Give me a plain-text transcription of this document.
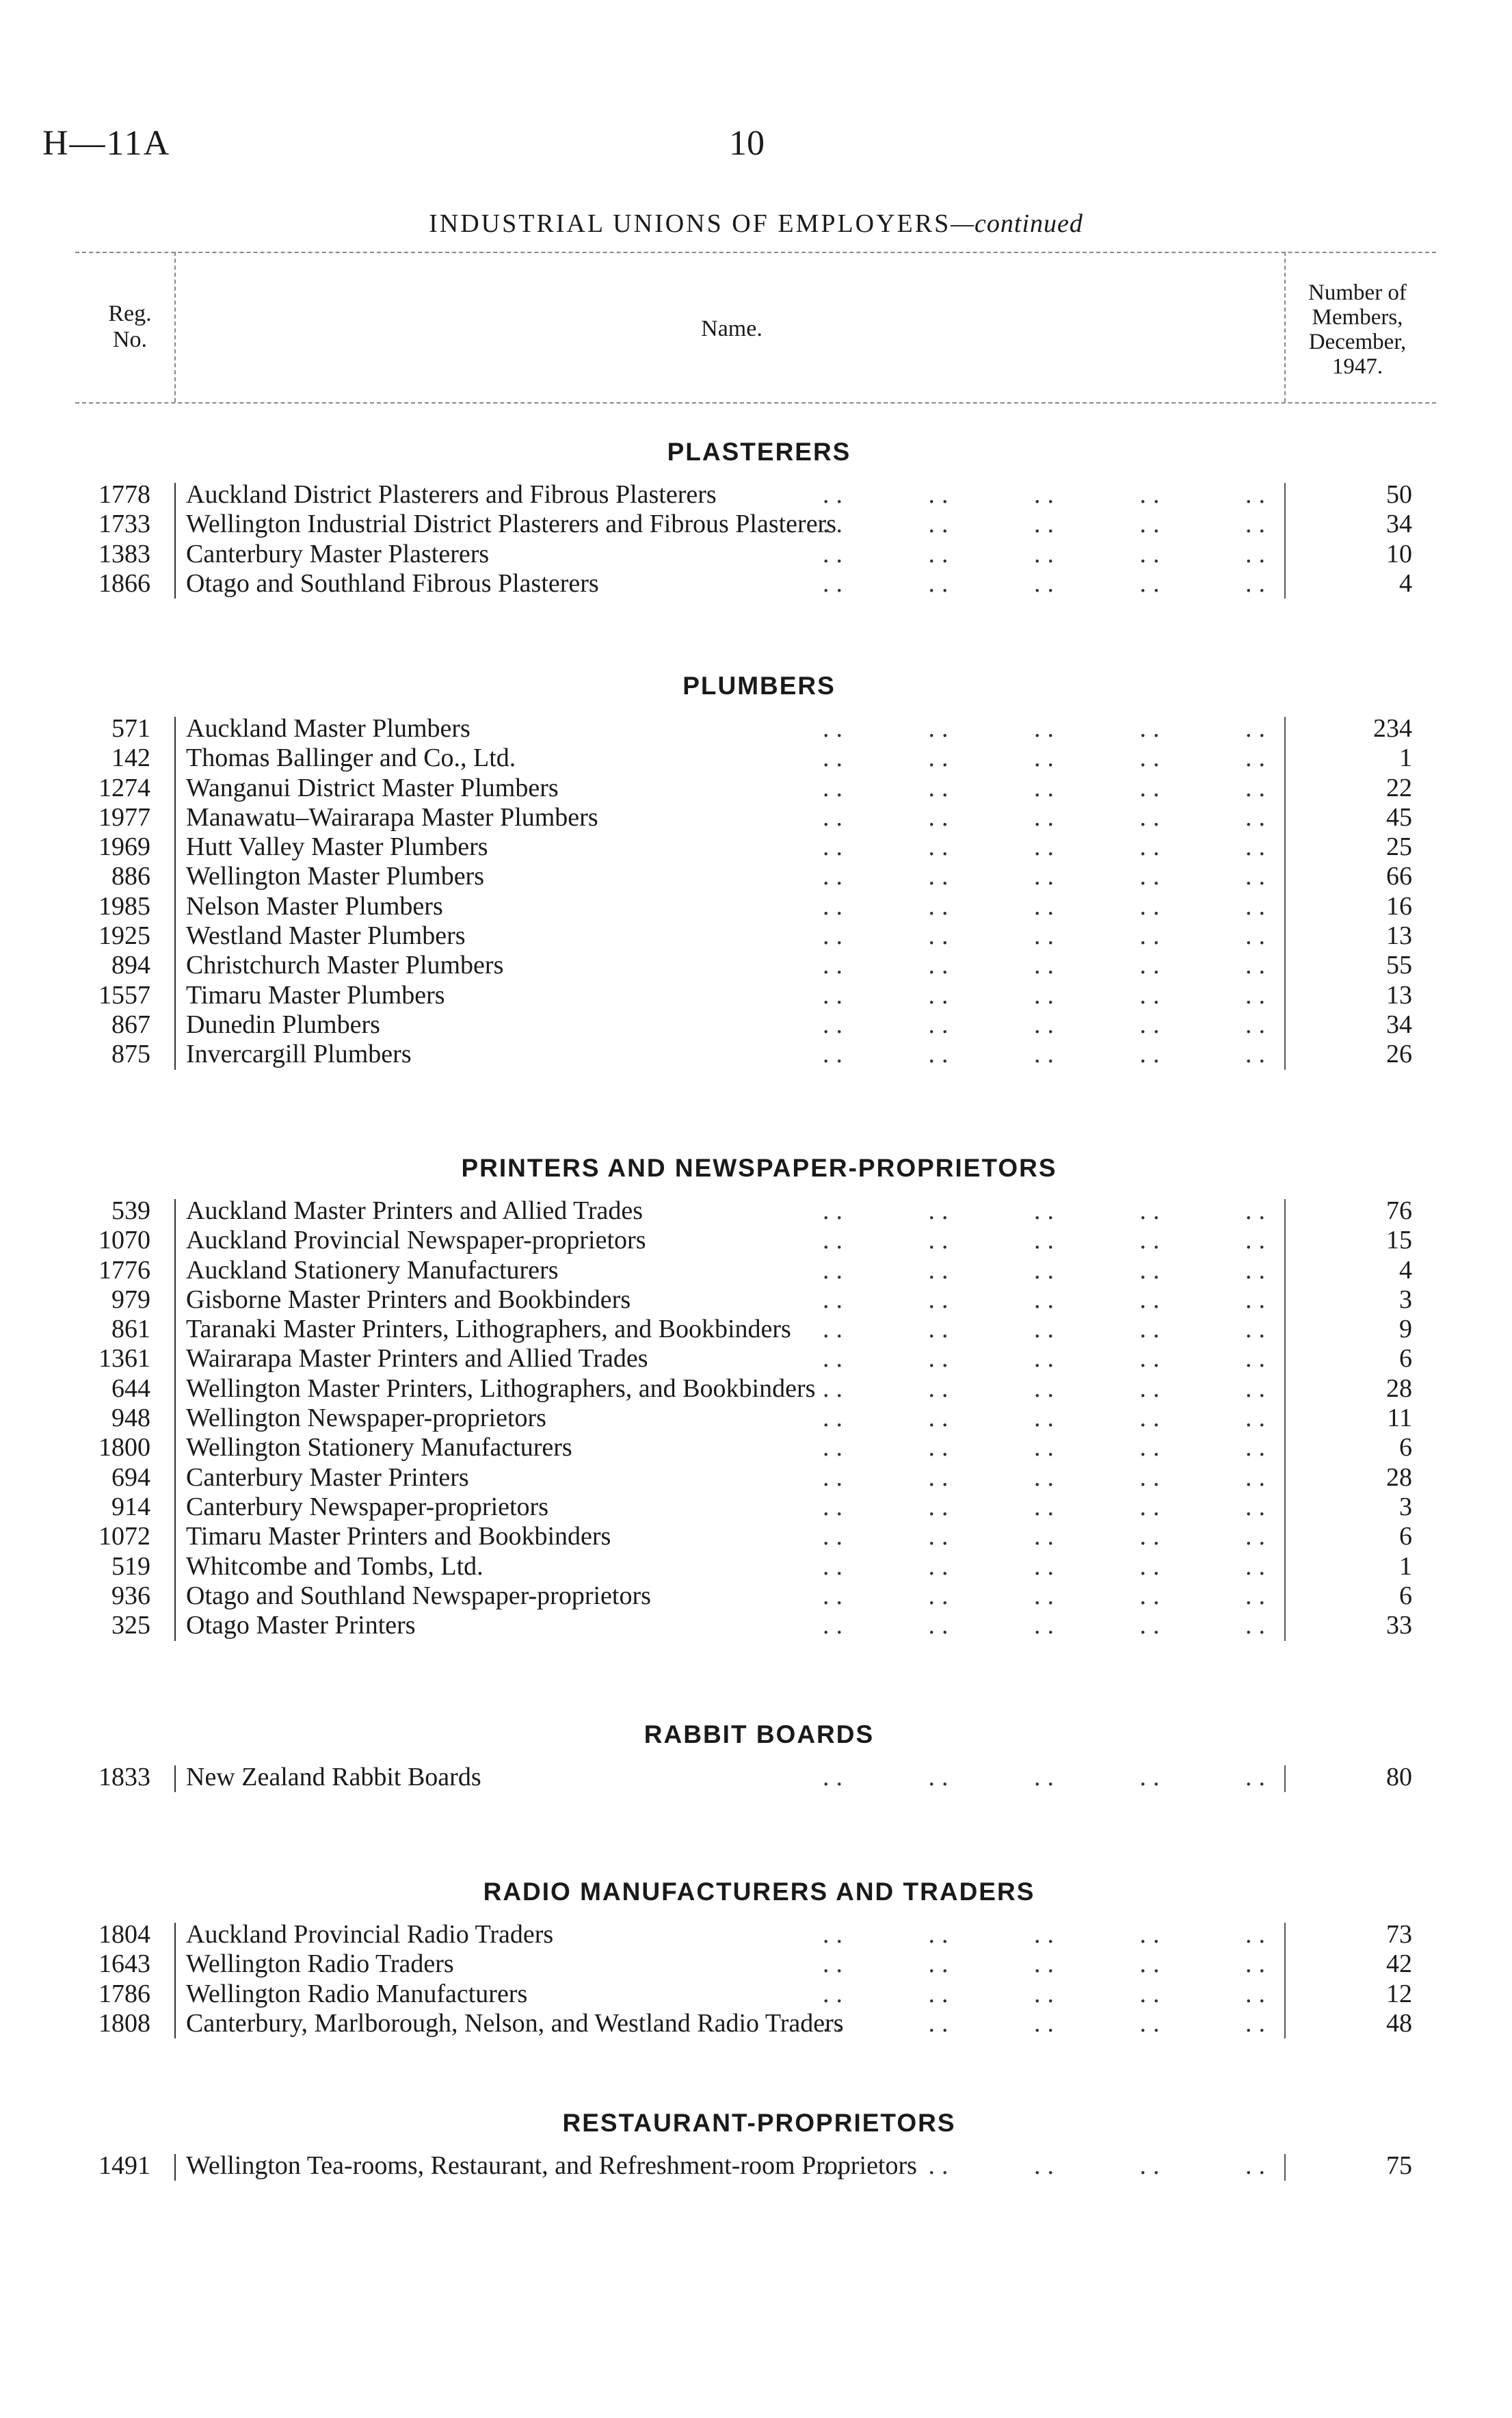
H—11A	10
INDUSTRIAL UNIONS OF EMPLOYERS—continued
Reg. No.	Name.
Number of Members, December, 1947.
PLASTERERS
1778 Auckland District Plasterers and Fibrous Plasterers	50
..   ..   ..   ..   ..
1733 Wellington Industrial District Plasterers and Fibrous Plasterers	34
..   ..   ..   ..   ..
1383 Canterbury Master Plasterers	10
..   ..   ..   ..   ..
1866 Otago and Southland Fibrous Plasterers	4
..   ..   ..   ..   ..
PLUMBERS
571 Auckland Master Plumbers	234
..   ..   ..   ..   ..
142 Thomas Ballinger and Co., Ltd.	1
..   ..   ..   ..   ..
1274 Wanganui District Master Plumbers	22
..   ..   ..   ..   ..
1977 Manawatu–Wairarapa Master Plumbers	45
..   ..   ..   ..   ..
1969 Hutt Valley Master Plumbers	25
..   ..   ..   ..   ..
886 Wellington Master Plumbers	66
..   ..   ..   ..   ..
1985 Nelson Master Plumbers	16
..   ..   ..   ..   ..
1925 Westland Master Plumbers	13
..   ..   ..   ..   ..
894 Christchurch Master Plumbers	55
..   ..   ..   ..   ..
1557 Timaru Master Plumbers	13
..   ..   ..   ..   ..
867 Dunedin Plumbers	34
..   ..   ..   ..   ..
875 Invercargill Plumbers	26
..   ..   ..   ..   ..
PRINTERS AND NEWSPAPER-PROPRIETORS
539 Auckland Master Printers and Allied Trades	76
..   ..   ..   ..   ..
1070 Auckland Provincial Newspaper-proprietors	15
..   ..   ..   ..   ..
1776 Auckland Stationery Manufacturers	4
..   ..   ..   ..   ..
979 Gisborne Master Printers and Bookbinders	3
..   ..   ..   ..   ..
861 Taranaki Master Printers, Lithographers, and Bookbinders	9
..   ..   ..   ..   ..
1361 Wairarapa Master Printers and Allied Trades	6
..   ..   ..   ..   ..
644 Wellington Master Printers, Lithographers, and Bookbinders	28
..   ..   ..   ..   ..
948 Wellington Newspaper-proprietors	11
..   ..   ..   ..   ..
1800 Wellington Stationery Manufacturers	6
..   ..   ..   ..   ..
694 Canterbury Master Printers	28
..   ..   ..   ..   ..
914 Canterbury Newspaper-proprietors	3
..   ..   ..   ..   ..
1072 Timaru Master Printers and Bookbinders	6
..   ..   ..   ..   ..
519 Whitcombe and Tombs, Ltd.	1
..   ..   ..   ..   ..
936 Otago and Southland Newspaper-proprietors	6
..   ..   ..   ..   ..
325 Otago Master Printers	33
..   ..   ..   ..   ..
RABBIT BOARDS
1833 New Zealand Rabbit Boards	80
..   ..   ..   ..   ..
RADIO MANUFACTURERS AND TRADERS
1804 Auckland Provincial Radio Traders	73
..   ..   ..   ..   ..
1643 Wellington Radio Traders	42
..   ..   ..   ..   ..
1786 Wellington Radio Manufacturers	12
..   ..   ..   ..   ..
1808 Canterbury, Marlborough, Nelson, and Westland Radio Traders	48
..   ..   ..   ..   ..
RESTAURANT-PROPRIETORS
1491 Wellington Tea-rooms, Restaurant, and Refreshment-room Proprietors	75
..   ..   ..   ..   ..
